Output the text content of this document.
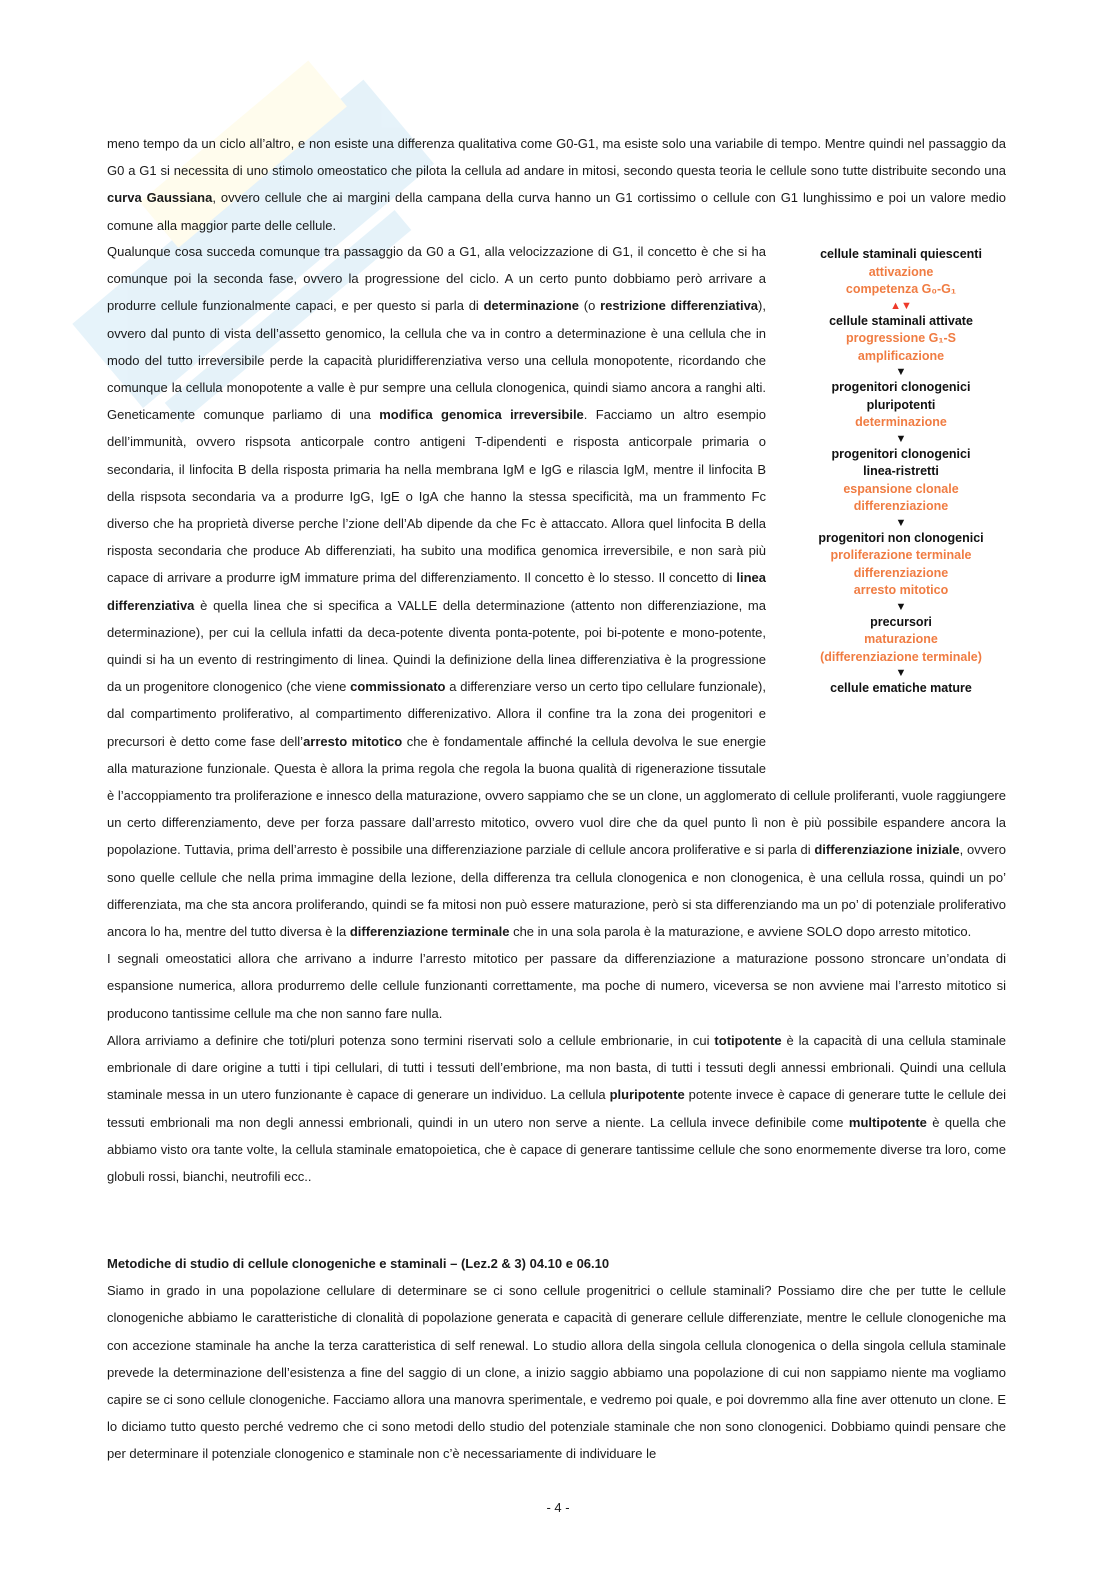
meno tempo da un ciclo all’altro, e non esiste una differenza qualitativa come G0-G1, ma esiste solo una variabile di tempo. Mentre quindi nel passaggio da G0 a G1 si necessita di uno stimolo omeostatico che pilota la cellula ad andare in mitosi, secondo questa teoria le cellule sono tutte distribuite secondo una curva Gaussiana, ovvero cellule che ai margini della campana della curva hanno un G1 cortissimo o cellule con G1 lunghissimo e poi un valore medio comune alla maggior parte delle cellule.

cellule staminali quiescenti
attivazione
competenza G₀-G₁
▲▼
cellule staminali attivate
progressione G₁-S
amplificazione
▼
progenitori clonogenici
pluripotenti
determinazione
▼
progenitori clonogenici
linea-ristretti
espansione clonale
differenziazione
▼
progenitori non clonogenici
proliferazione terminale
differenziazione
arresto mitotico
▼
precursori
maturazione
(differenziazione terminale)
▼
cellule ematiche mature

Qualunque cosa succeda comunque tra passaggio da G0 a G1, alla velocizzazione di G1, il concetto è che si ha comunque poi la seconda fase, ovvero la progressione del ciclo. A un certo punto dobbiamo però arrivare a produrre cellule funzionalmente capaci, e per questo si parla di determinazione (o restrizione differenziativa), ovvero dal punto di vista dell’assetto genomico, la cellula che va in contro a determinazione è una cellula che in modo del tutto irreversibile perde la capacità pluridifferenziativa verso una cellula monopotente, ricordando che comunque la cellula monopotente a valle è pur sempre una cellula clonogenica, quindi siamo ancora a ranghi alti. Geneticamente comunque parliamo di una modifica genomica irreversibile. Facciamo un altro esempio dell’immunità, ovvero rispsota anticorpale contro antigeni T-dipendenti e risposta anticorpale primaria o secondaria, il linfocita B della risposta primaria ha nella membrana IgM e IgG e rilascia IgM, mentre il linfocita B della rispsota secondaria va a produrre IgG, IgE o IgA che hanno la stessa specificità, ma un frammento Fc diverso che ha proprietà diverse perche l’zione dell’Ab dipende da che Fc è attaccato. Allora quel linfocita B della risposta secondaria che produce Ab differenziati, ha subito una modifica genomica irreversibile, e non sarà più capace di arrivare a produrre igM immature prima del differenziamento. Il concetto è lo stesso. Il concetto di linea differenziativa è quella linea che si specifica a VALLE della determinazione (attento non differenziazione, ma determinazione), per cui la cellula infatti da deca-potente diventa ponta-potente, poi bi-potente e mono-potente, quindi si ha un evento di restringimento di linea. Quindi la definizione della linea differenziativa è la progressione da un progenitore clonogenico (che viene commissionato a differenziare verso un certo tipo cellulare funzionale), dal compartimento proliferativo, al compartimento differenizativo. Allora il confine tra la zona dei progenitori e precursori è detto come fase dell’arresto mitotico che è fondamentale affinché la cellula devolva le sue energie alla maturazione funzionale. Questa è allora la prima regola che regola la buona qualità di rigenerazione tissutale è l’accoppiamento tra proliferazione e innesco della maturazione, ovvero sappiamo che se un clone, un agglomerato di cellule proliferanti, vuole raggiungere un certo differenziamento, deve per forza passare dall’arresto mitotico, ovvero vuol dire che da quel punto lì non è più possibile espandere ancora la popolazione. Tuttavia, prima dell’arresto è possibile una differenziazione parziale di cellule ancora proliferative e si parla di differenziazione iniziale, ovvero sono quelle cellule che nella prima immagine della lezione, della differenza tra cellula clonogenica e non clonogenica, è una cellula rossa, quindi un po’ differenziata, ma che sta ancora proliferando, quindi se fa mitosi non può essere maturazione, però si sta differenziando ma un po’ di potenziale proliferativo ancora lo ha, mentre del tutto diversa è la differenziazione terminale che in una sola parola è la maturazione, e avviene SOLO dopo arresto mitotico.

I segnali omeostatici allora che arrivano a indurre l’arresto mitotico per passare da differenziazione a maturazione possono stroncare un’ondata di espansione numerica, allora produrremo delle cellule funzionanti correttamente, ma poche di numero, viceversa se non avviene mai l’arresto mitotico si producono tantissime cellule ma che non sanno fare nulla.

Allora arriviamo a definire che toti/pluri potenza sono termini riservati solo a cellule embrionarie, in cui totipotente è la capacità di una cellula staminale embrionale di dare origine a tutti i tipi cellulari, di tutti i tessuti dell’embrione, ma non basta, di tutti i tessuti degli annessi embrionali. Quindi una cellula staminale messa in un utero funzionante è capace di generare un individuo. La cellula pluripotente potente invece è capace di generare tutte le cellule dei tessuti embrionali ma non degli annessi embrionali, quindi in un utero non serve a niente. La cellula invece definibile come multipotente è quella che abbiamo visto ora tante volte, la cellula staminale ematopoietica, che è capace di generare tantissime cellule che sono enormemente diverse tra loro, come globuli rossi, bianchi, neutrofili ecc..

Metodiche di studio di cellule clonogeniche e staminali – (Lez.2 & 3) 04.10 e 06.10

Siamo in grado in una popolazione cellulare di determinare se ci sono cellule progenitrici o cellule staminali? Possiamo dire che per tutte le cellule clonogeniche abbiamo le caratteristiche di clonalità di popolazione generata e capacità di generare cellule differenziate, mentre le cellule clonogeniche ma con accezione staminale ha anche la terza caratteristica di self renewal. Lo studio allora della singola cellula clonogenica o della singola cellula staminale prevede la determinazione dell’esistenza a fine del saggio di un clone, a inizio saggio abbiamo una popolazione di cui non sappiamo niente ma vogliamo capire se ci sono cellule clonogeniche. Facciamo allora una manovra sperimentale, e vedremo poi quale, e poi dovremmo alla fine aver ottenuto un clone. E lo diciamo tutto questo perché vedremo che ci sono metodi dello studio del potenziale staminale che non sono clonogenici. Dobbiamo quindi pensare che per determinare il potenziale clonogenico e staminale non c’è necessariamente di individuare le

- 4 -
